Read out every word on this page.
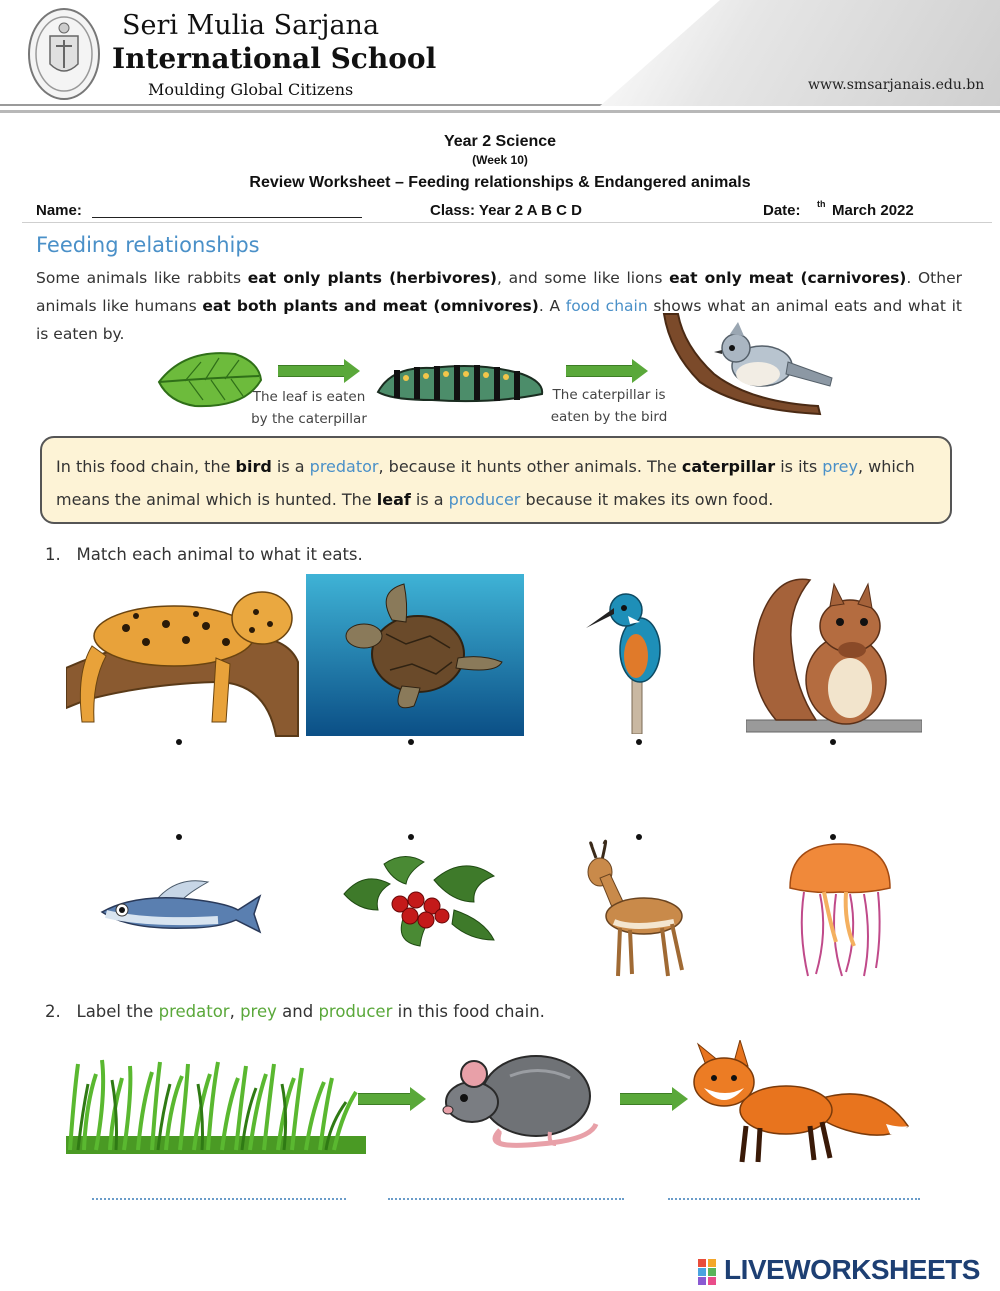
Seri Mulia Sarjana
International School
Moulding Global Citizens	www.smsarjanais.edu.bn
Year 2 Science
(Week 10)
Review Worksheet – Feeding relationships & Endangered animals
Name:	Class: Year 2 A B C D	Date: th March 2022
Feeding relationships
Some animals like rabbits eat only plants (herbivores), and some like lions eat only meat (carnivores). Other animals like humans eat both plants and meat (omnivores). A food chain shows what an animal eats and what it is eaten by.
The leaf is eaten
by the caterpillar
The caterpillar is
eaten by the bird
In this food chain, the bird is a predator, because it hunts other animals. The caterpillar is its prey, which means the animal which is hunted. The leaf is a producer because it makes its own food.
1. Match each animal to what it eats.
2. Label the predator, prey and producer in this food chain.
LIVEWORKSHEETS
